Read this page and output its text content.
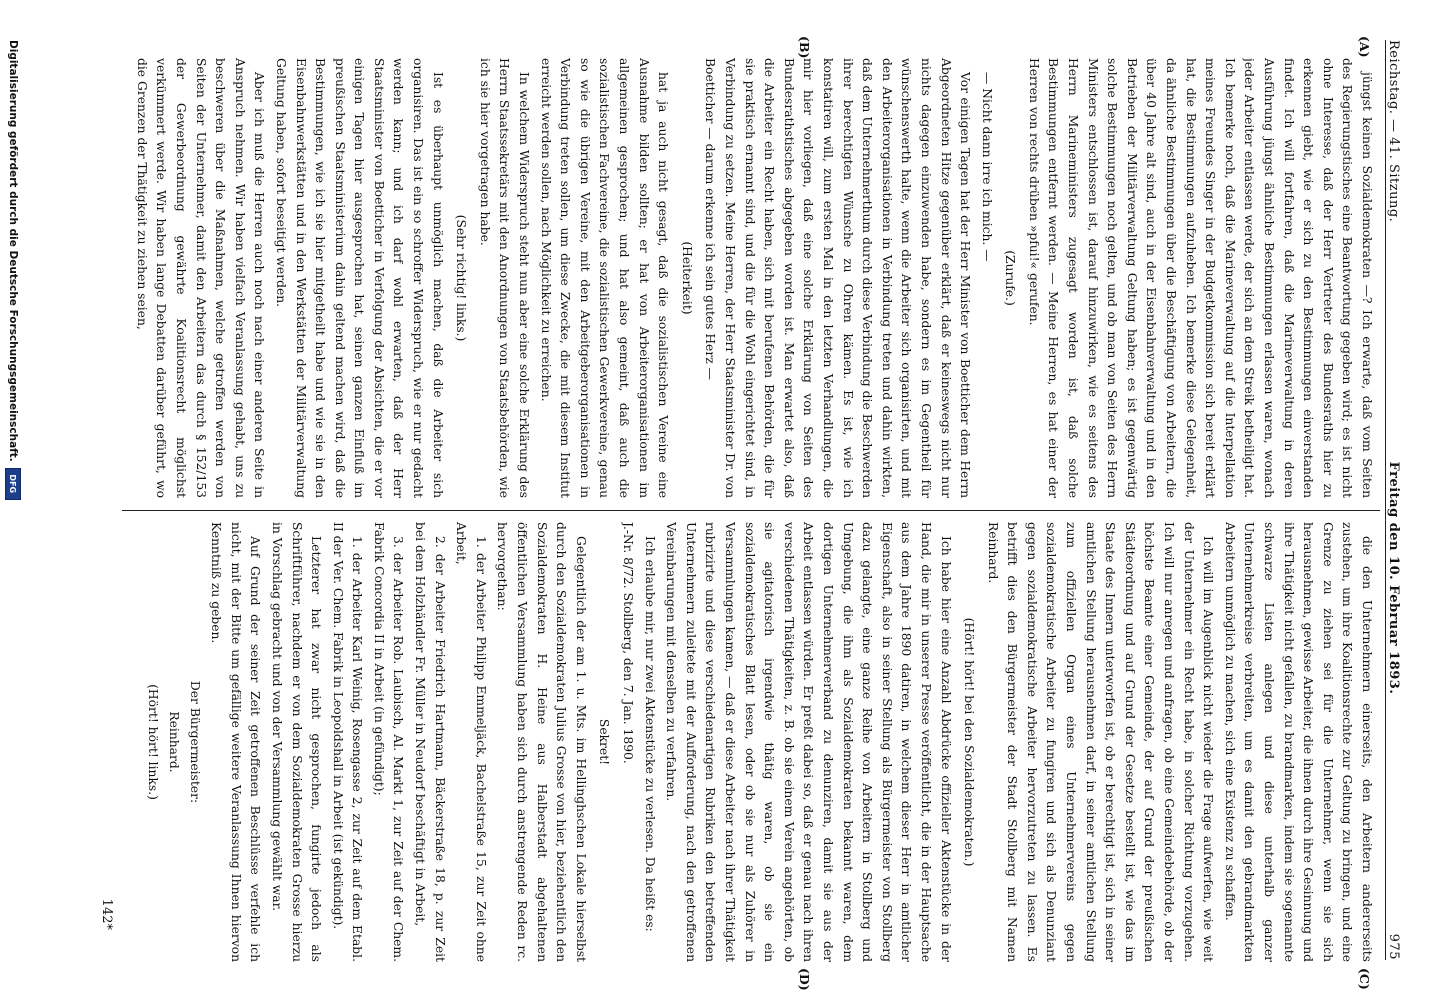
Reichstag. — 41. Sitzung.
Freitag den 10. Februar 1893.
975
(A)
(B)
(C)
(D)

jüngst keinen Sozialdemokraten —? Ich erwarte, daß vom Seiten des Regierungstisches eine Beantwortung gegeben wird; es ist nicht ohne Interesse, daß der Herr Vertreter des Bundesraths hier zu erkennen giebt, wie er sich zu den Bestimmungen einverstanden findet. Ich will fortfahren, daß die Marineverwaltung in deren Ausführung jüngst ähnliche Bestimmungen erlassen waren, wonach jeder Arbeiter entlassen werde, der sich an dem Streik betheiligt hat. Ich bemerke noch, daß die Marineverwaltung auf die Interpellation meines Freundes Singer in der Budgetkommission sich bereit erklärt hat, die Bestimmungen aufzuheben. Ich bemerke diese Gelegenheit, da ähnliche Bestimmungen über die Beschäftigung von Arbeitern, die über 40 Jahre alt sind, auch in der Eisenbahnverwaltung und in den Betrieben der Militärverwaltung Geltung haben; es ist gegenwärtig solche Bestimmungen noch gelten, und ob man von Seiten des Herrn Ministers entschlossen ist, darauf hinzuwirken, wie es seitens des Herrn Marineministers zugesagt worden ist, daß solche Bestimmungen entfernt werden. — Meine Herren, es hat einer der Herren von rechts drüben »pfui!« gerufen.

(Zurufe.)

— Nicht dann irre ich mich. —

Vor einigen Tagen hat der Herr Minister von Boetticher dem Herrn Abgeordneten Hitze gegenüber erklärt, daß er keineswegs nicht nur nichts dagegen einzuwenden habe, sondern es im Gegentheil für wünschenswerth halte, wenn die Arbeiter sich organisirten, und mit den Arbeiterorganisationen in Verbindung treten und dahin wirkten, daß dem Unternehmerthum durch diese Verbindung die Beschwerden ihrer berechtigten Wünsche zu Ohren kämen. Es ist, wie ich konstatiren will, zum ersten Mal in den letzten Verhandlungen, die mir hier vorliegen, daß eine solche Erklärung von Seiten des Bundesrathstisches abgegeben worden ist. Man erwartet also, daß die Arbeiter ein Recht haben, sich mit berufenen Behörden, die für sie praktisch ernannt sind, und die für die Wohl eingerichtet sind, in Verbindung zu setzen. Meine Herren, der Herr Staatsminister Dr. von Boetticher — darum erkenne ich sein gutes Herz —

(Heiterkeit)

hat ja auch nicht gesagt, daß die sozialistischen Vereine eine Ausnahme bilden sollten; er hat von Arbeiterorganisationen im allgemeinen gesprochen; und hat also gemeint, daß auch die sozialistischen Fachvereine, die sozialistischen Gewerkvereine, genau so wie die übrigen Vereine, mit den Arbeitgeberorganisationen in Verbindung treten sollen, um diese Zwecke, die mit diesem Institut erreicht werden sollen, nach Möglichkeit zu erreichen.

In welchem Widerspruch steht nun aber eine solche Erklärung des Herrn Staatssekretärs mit den Anordnungen von Staatsbehörden, wie ich sie hier vorgetragen habe.

(Sehr richtig! links.)

Ist es überhaupt unmöglich machen, daß die Arbeiter sich organisiren. Das ist ein so schroffer Widerspruch, wie er nur gedacht werden kann; und ich darf wohl erwarten, daß der Herr Staatsminister von Boetticher in Verfolgung der Absichten, die er vor einigen Tagen hier ausgesprochen hat, seinen ganzen Einfluß im preußischen Staatsministerium dahin geltend machen wird, daß die Bestimmungen, wie ich sie hier mitgetheilt habe und wie sie in den Eisenbahnwerkstätten und in den Werkstätten der Militärverwaltung Geltung haben, sofort beseitigt werden.

Aber ich muß die Herren auch noch nach einer anderen Seite in Anspruch nehmen. Wir haben vielfach Veranlassung gehabt, uns zu beschweren über die Maßnahmen, welche getroffen werden von Seiten der Unternehmer, damit den Arbeitern das durch § 152/153 der Gewerbeordnung gewährte Koalitionsrecht möglichst verkümmert werde. Wir haben lange Debatten darüber geführt, wo die Grenzen der Thätigkeit zu ziehen seien,

die den Unternehmern einerseits, den Arbeitern andererseits zustehen, um ihre Koalitionsrechte zur Geltung zu bringen, und eine Grenze zu ziehen sei für die Unternehmer, wenn sie sich herausnehmen, gewisse Arbeiter, die ihnen durch ihre Gesinnung und ihre Thätigkeit nicht gefallen, zu brandmarken, indem sie sogenannte schwarze Listen anlegen und diese unterhalb ganzer Unternehmerkreise verbreiten, um es damit den gebrandmarkten Arbeitern unmöglich zu machen, sich eine Existenz zu schaffen.

Ich will im Augenblick nicht wieder die Frage aufwerfen, wie weit der Unternehmer ein Recht habe, in solcher Richtung vorzugehen. Ich will nur anregen und anfragen, ob eine Gemeindebehörde, ob der höchste Beamte einer Gemeinde, der auf Grund der preußischen Städteordnung und auf Grund der Gesetze bestellt ist, wie das im Staate des Innern unterworfen ist, ob er berechtigt ist, sich in seiner amtlichen Stellung herausnehmen darf, in seiner amtlichen Stellung zum offiziellen Organ eines Unternehmervereins gegen sozialdemokratische Arbeiter zu fungiren und sich als Denunziant gegen sozialdemokratische Arbeiter hervorzutreten zu lassen. Es betrifft dies den Bürgermeister der Stadt Stollberg mit Namen Reinhard.

(Hört! hört! bei den Sozialdemokraten.)

Ich habe hier eine Anzahl Abdrücke offizieller Aktenstücke in der Hand, die mir in unserer Presse veröffentlicht, die in der Hauptsache aus dem Jahre 1890 datiren, in welchem dieser Herr in amtlicher Eigenschaft, also in seiner Stellung als Bürgermeister von Stollberg dazu gelangte, eine ganze Reihe von Arbeitern in Stollberg und Umgebung, die ihm als Sozialdemokraten bekannt waren, dem dortigen Unternehmerverband zu denunziren, damit sie aus der Arbeit entlassen würden. Er preßt dabei so, daß er genau nach ihren verschiedenen Thätigkeiten, z. B. ob sie einem Verein angehörten, ob sie agitatorisch irgendwie thätig waren, ob sie ein sozialdemokratisches Blatt lesen, oder ob sie nur als Zuhörer in Versammlungen kamen, — daß er diese Arbeiter nach ihrer Thätigkeit rubrizirte und diese verschiedenartigen Rubriken den betreffenden Unternehmern zuleitete mit der Aufforderung, nach den getroffenen Vereinbarungen mit denselben zu verfahren.

Ich erlaube mir, nur zwei Aktenstücke zu verlesen. Da heißt es:

J.-Nr. 8/72. Stollberg, den 7. Jan. 1890.

Sekret!

Gelegentlich der am 1. u. Mts. im Hellinghschen Lokale hierselbst durch den Sozialdemokraten Julius Grosse von hier, beziehentlich den Sozialdemokraten H. Heine aus Halberstadt abgehaltenen öffentlichen Versammlung haben sich durch anstrengende Reden rc. hervorgethan:

1. der Arbeiter Philipp Emmeljäck, Bachelstraße 15, zur Zeit ohne Arbeit,

2. der Arbeiter Friedrich Hartmann, Bäckerstraße 18, p. zur Zeit bei dem Holzhändler Fr. Müller in Neudorf beschäftigt in Arbeit,

3. der Arbeiter Rob. Laubisch, Al. Markt 1, zur Zeit auf der Chem. Fabrik Concordia II in Arbeit (in gefündigt);

1. der Arbeiter Karl Weinig, Rosengasse 2, zur Zeit auf dem Etabl. II der Ver. Chem. Fabrik in Leopoldshall in Arbeit (ist gekündigt).

Letzterer hat zwar nicht gesprochen, fungirte jedoch als Schriftführer, nachdem er von dem Sozialdemokraten Grosse hierzu in Vorschlag gebracht und von der Versammlung gewählt war.

Auf Grund der seiner Zeit getroffenen Beschlüsse verfehle ich nicht, mit der Bitte um gefällige weitere Veranlassung Ihnen hiervon Kenntniß zu geben.

Der Bürgermeister:

Reinhard.

(Hört! hört! links.)

142*
Digitalisierung gefördert durch die Deutsche Forschungsgemeinschaft.
DFG
